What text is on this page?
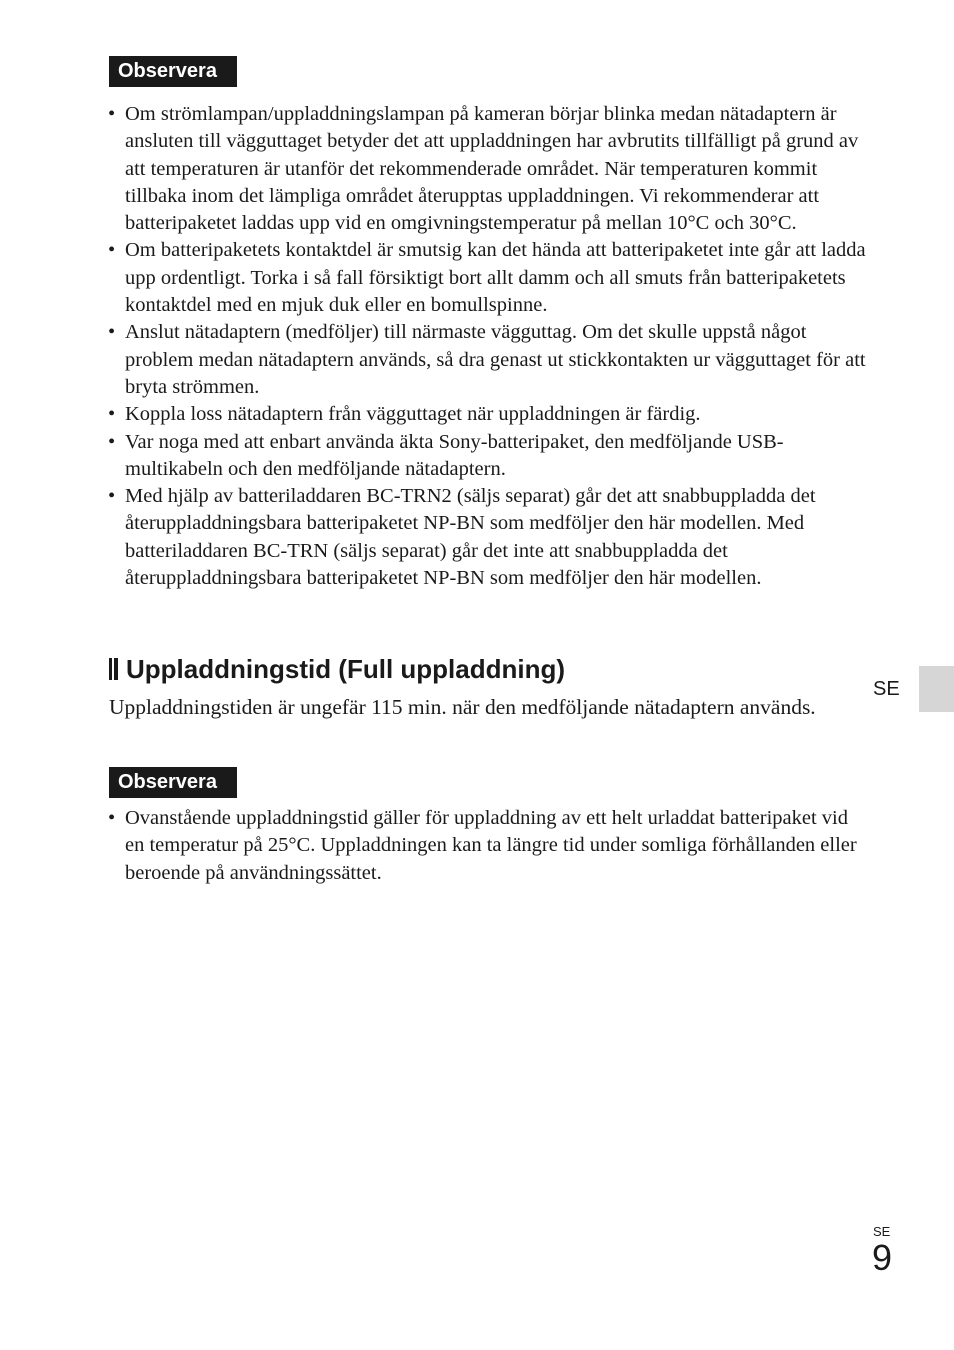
Observera
• Om strömlampan/uppladdningslampan på kameran börjar blinka medan nätadaptern är ansluten till vägguttaget betyder det att uppladdningen har avbrutits tillfälligt på grund av att temperaturen är utanför det rekommenderade området. När temperaturen kommit tillbaka inom det lämpliga området återupptas uppladdningen. Vi rekommenderar att batteripaketet laddas upp vid en omgivningstemperatur på mellan 10°C och 30°C.
• Om batteripaketets kontaktdel är smutsig kan det hända att batteripaketet inte går att ladda upp ordentligt. Torka i så fall försiktigt bort allt damm och all smuts från batteripaketets kontaktdel med en mjuk duk eller en bomullspinne.
• Anslut nätadaptern (medföljer) till närmaste vägguttag. Om det skulle uppstå något problem medan nätadaptern används, så dra genast ut stickkontakten ur vägguttaget för att bryta strömmen.
• Koppla loss nätadaptern från vägguttaget när uppladdningen är färdig.
• Var noga med att enbart använda äkta Sony-batteripaket, den medföljande USB-multikabeln och den medföljande nätadaptern.
• Med hjälp av batteriladdaren BC-TRN2 (säljs separat) går det att snabbuppladda det återuppladdningsbara batteripaketet NP-BN som medföljer den här modellen. Med batteriladdaren BC-TRN (säljs separat) går det inte att snabbuppladda det återuppladdningsbara batteripaketet NP-BN som medföljer den här modellen.
Uppladdningstid (Full uppladdning)

Uppladdningstiden är ungefär 115 min. när den medföljande nätadaptern används.

Observera
• Ovanstående uppladdningstid gäller för uppladdning av ett helt urladdat batteripaket vid en temperatur på 25°C. Uppladdningen kan ta längre tid under somliga förhållanden eller beroende på användningssättet.
SE
SE
9
